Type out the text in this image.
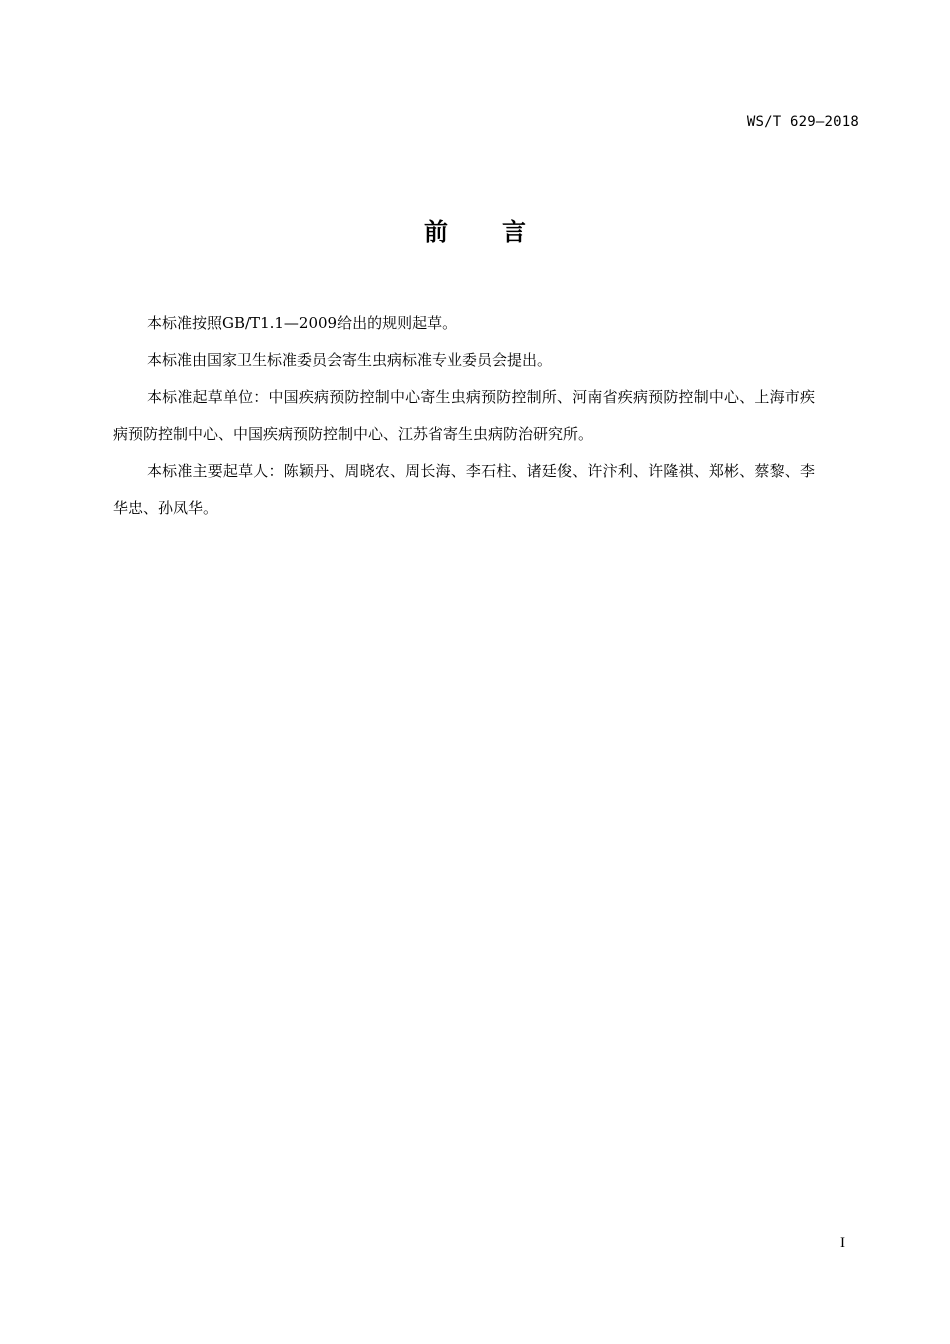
WS/T 629—2018
前 言

本标准按照GB/T1.1—2009给出的规则起草。

本标准由国家卫生标准委员会寄生虫病标准专业委员会提出。

本标准起草单位：中国疾病预防控制中心寄生虫病预防控制所、河南省疾病预防控制中心、上海市疾病预防控制中心、中国疾病预防控制中心、江苏省寄生虫病防治研究所。

本标准主要起草人：陈颖丹、周晓农、周长海、李石柱、诸廷俊、许汴利、许隆祺、郑彬、蔡黎、李华忠、孙凤华。

I
